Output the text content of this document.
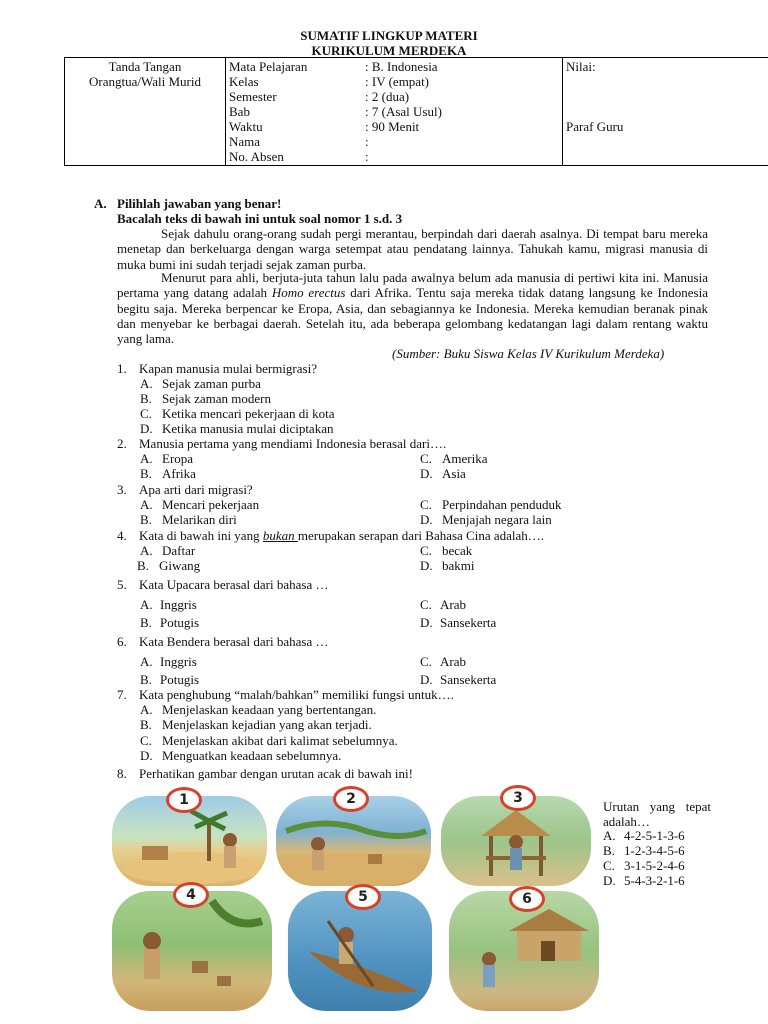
SUMATIF LINGKUP MATERI
KURIKULUM MERDEKA
Tanda Tangan
Orangtua/Wali Murid

Mata Pelajaran	: B. Indonesia
Kelas	: IV (empat)
Semester	: 2 (dua)
Bab	: 7 (Asal Usul)
Waktu	: 90 Menit
Nama	:
No. Absen	:

Nilai:
Paraf Guru
A. Pilihlah jawaban yang benar!
Bacalah teks di bawah ini untuk soal nomor 1 s.d. 3
Sejak dahulu orang-orang sudah pergi merantau, berpindah dari daerah asalnya. Di tempat baru mereka menetap dan berkeluarga dengan warga setempat atau pendatang lainnya. Tahukah kamu, migrasi manusia di muka bumi ini sudah terjadi sejak zaman purba.
Menurut para ahli, berjuta-juta tahun lalu pada awalnya belum ada manusia di pertiwi kita ini. Manusia pertama yang datang adalah Homo erectus dari Afrika. Tentu saja mereka tidak datang langsung ke Indonesia begitu saja. Mereka berpencar ke Eropa, Asia, dan sebagiannya ke Indonesia. Mereka kemudian beranak pinak dan menyebar ke berbagai daerah. Setelah itu, ada beberapa gelombang kedatangan lagi dalam rentang waktu yang lama.
(Sumber: Buku Siswa Kelas IV Kurikulum Merdeka)
1. Kapan manusia mulai bermigrasi?
A. Sejak zaman purba
B. Sejak zaman modern
C. Ketika mencari pekerjaan di kota
D. Ketika manusia mulai diciptakan
2. Manusia pertama yang mendiami Indonesia berasal dari….
A. Eropa	C. Amerika
B. Afrika	D. Asia
3. Apa arti dari migrasi?
A. Mencari pekerjaan	C. Perpindahan penduduk
B. Melarikan diri	D. Menjajah negara lain
4. Kata di bawah ini yang bukan merupakan serapan dari Bahasa Cina adalah….
A. Daftar	C. becak
B. Giwang	D. bakmi
5. Kata Upacara berasal dari bahasa …
A. Inggris	C. Arab
B. Potugis	D. Sansekerta
6. Kata Bendera berasal dari bahasa …
A. Inggris	C. Arab
B. Potugis	D. Sansekerta
7. Kata penghubung “malah/bahkan” memiliki fungsi untuk….
A. Menjelaskan keadaan yang bertentangan.
B. Menjelaskan kejadian yang akan terjadi.
C. Menjelaskan akibat dari kalimat sebelumnya.
D. Menguatkan keadaan sebelumnya.
8. Perhatikan gambar dengan urutan acak di bawah ini!
1	2	3
4	5	6
Urutan yang tepat
adalah…
A. 4-2-5-1-3-6
B. 1-2-3-4-5-6
C. 3-1-5-2-4-6
D. 5-4-3-2-1-6
